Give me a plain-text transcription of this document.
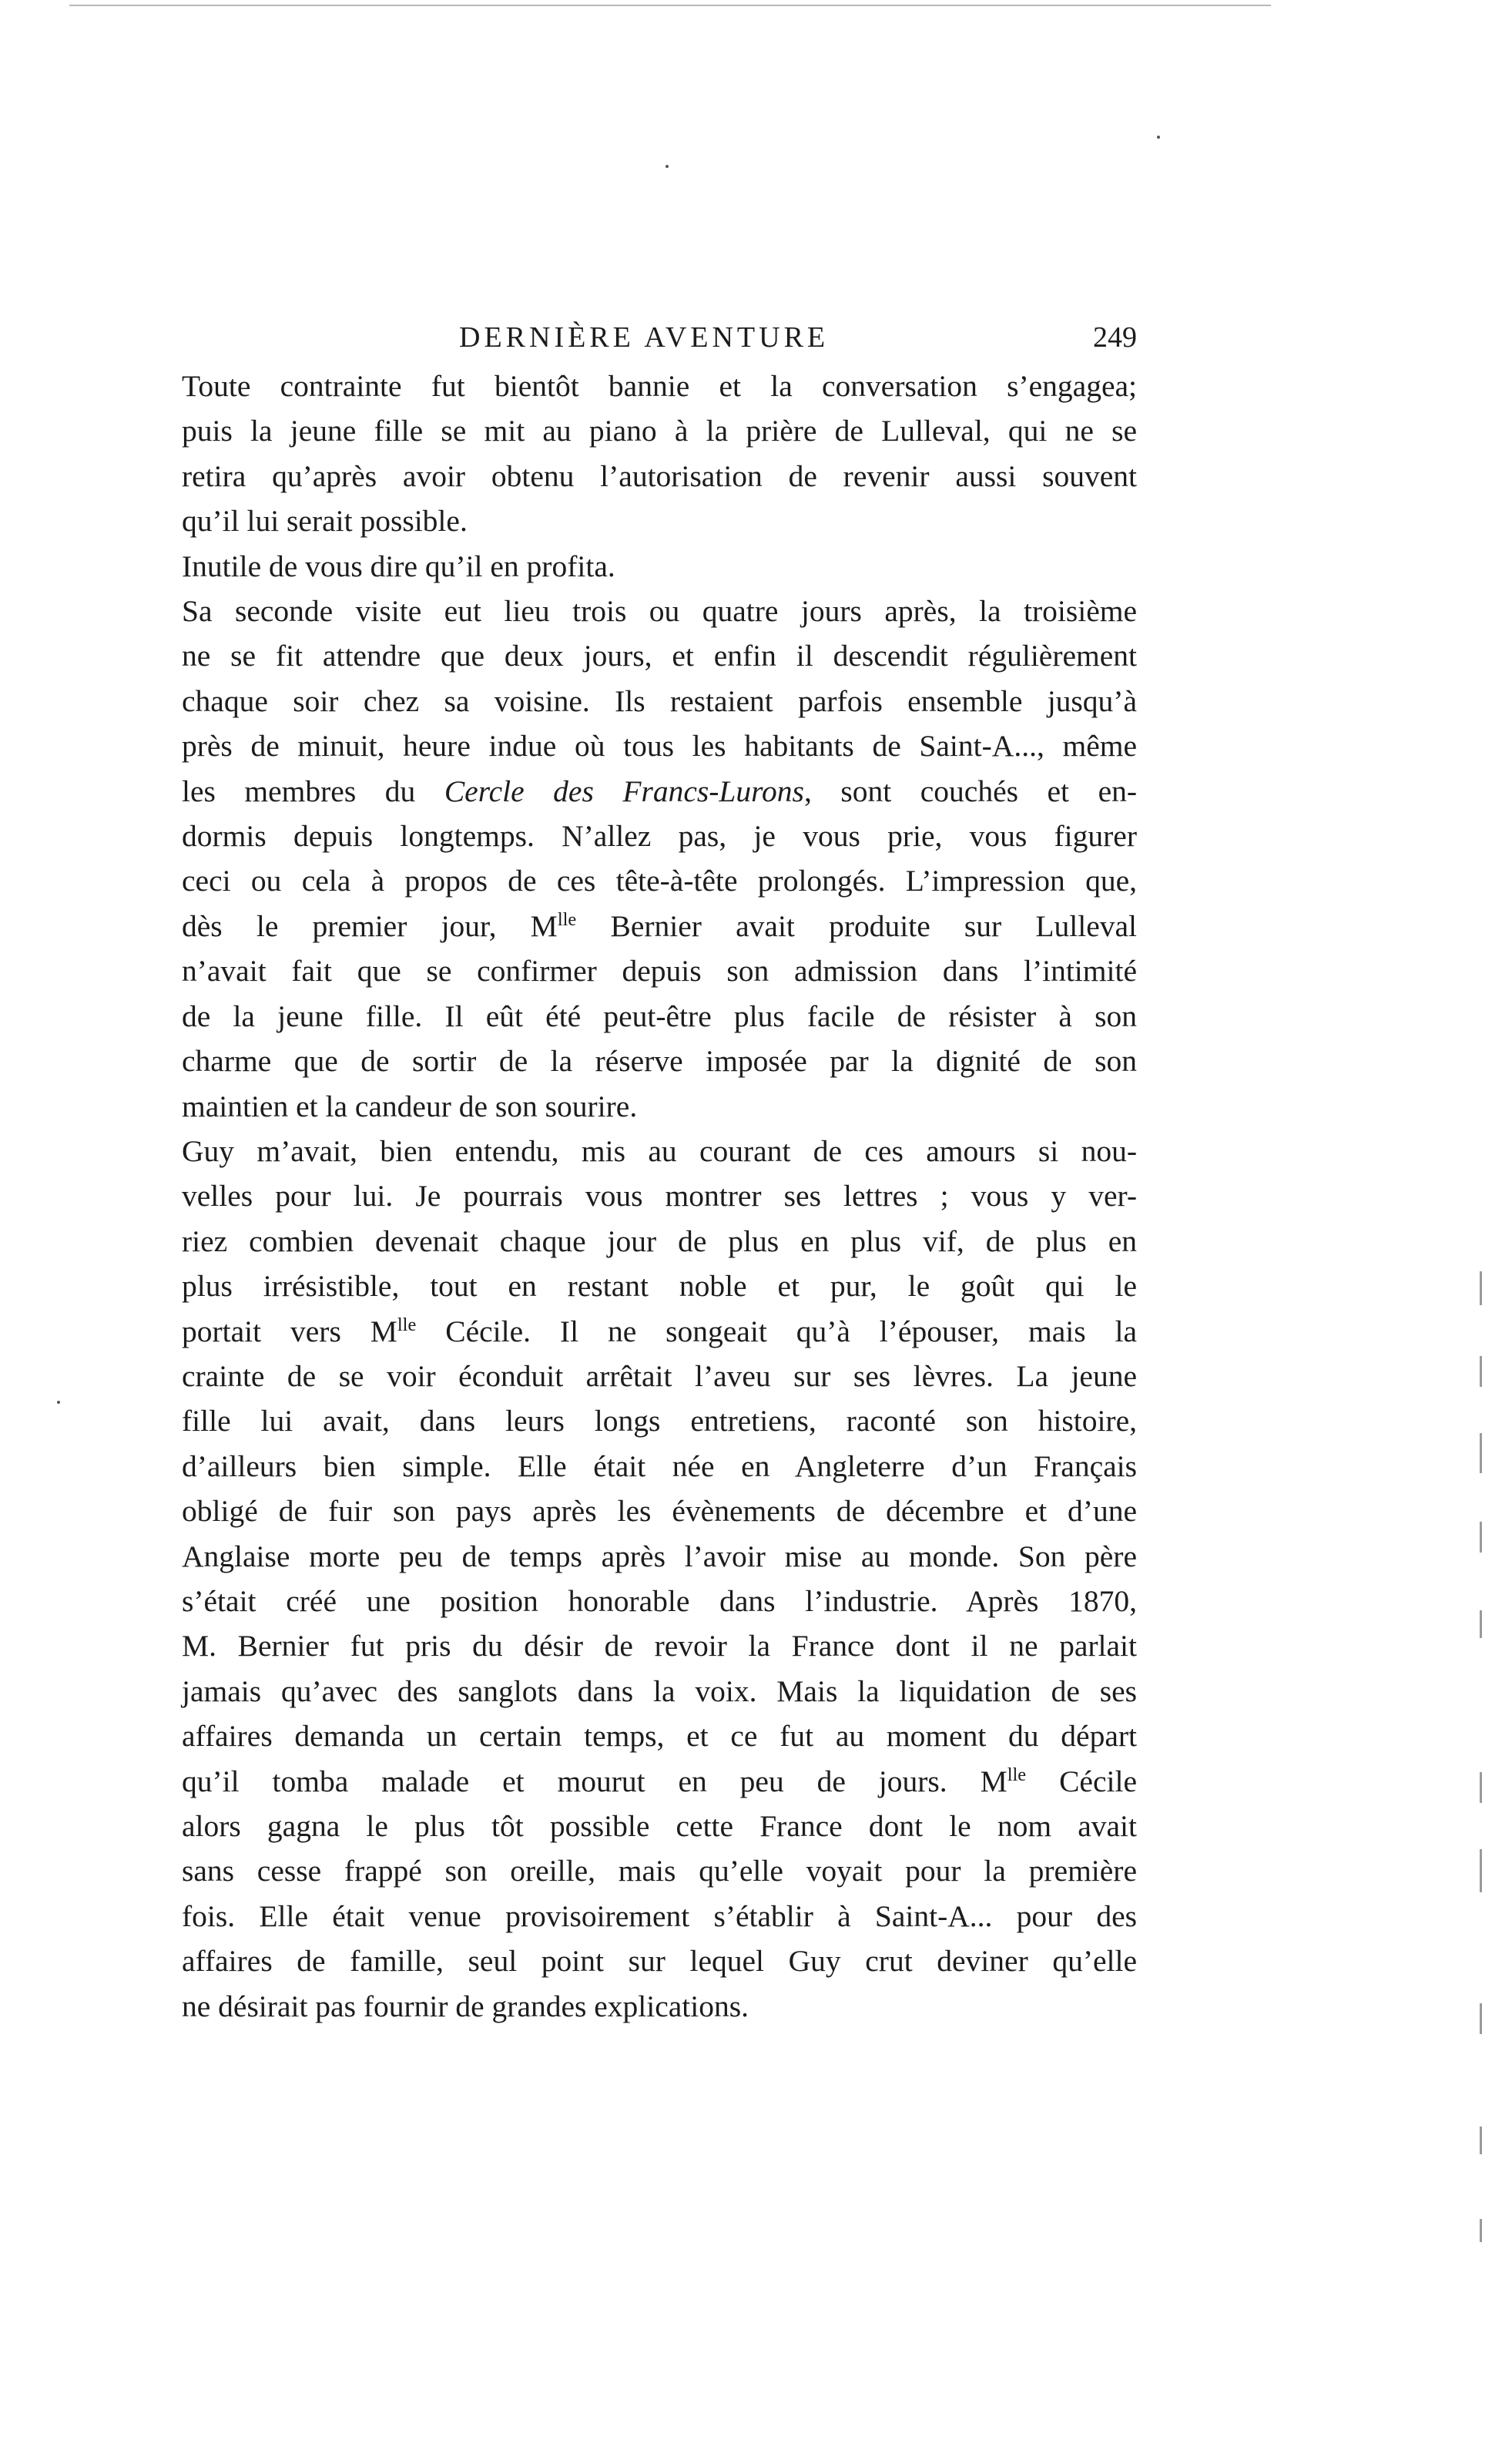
DERNIÈRE AVENTURE	249

Toute contrainte fut bientôt bannie et la conversation s’engagea;
puis la jeune fille se mit au piano à la prière de Lulleval, qui ne se
retira qu’après avoir obtenu l’autorisation de revenir aussi souvent
qu’il lui serait possible.

Inutile de vous dire qu’il en profita.

Sa seconde visite eut lieu trois ou quatre jours après, la troisième
ne se fit attendre que deux jours, et enfin il descendit régulièrement
chaque soir chez sa voisine. Ils restaient parfois ensemble jusqu’à
près de minuit, heure indue où tous les habitants de Saint-A..., même
les membres du Cercle des Francs-Lurons, sont couchés et en-
dormis depuis longtemps. N’allez pas, je vous prie, vous figurer
ceci ou cela à propos de ces tête-à-tête prolongés. L’impression que,
dès le premier jour, $M^{lle}$ Bernier avait produite sur Lulleval
n’avait fait que se confirmer depuis son admission dans l’intimité
de la jeune fille. Il eût été peut-être plus facile de résister à son
charme que de sortir de la réserve imposée par la dignité de son
maintien et la candeur de son sourire.

Guy m’avait, bien entendu, mis au courant de ces amours si nou-
velles pour lui. Je pourrais vous montrer ses lettres ; vous y ver-
riez combien devenait chaque jour de plus en plus vif, de plus en
plus irrésistible, tout en restant noble et pur, le goût qui le
portait vers $M^{lle}$ Cécile. Il ne songeait qu’à l’épouser, mais la
crainte de se voir éconduit arrêtait l’aveu sur ses lèvres. La jeune
fille lui avait, dans leurs longs entretiens, raconté son histoire,
d’ailleurs bien simple. Elle était née en Angleterre d’un Français
obligé de fuir son pays après les évènements de décembre et d’une
Anglaise morte peu de temps après l’avoir mise au monde. Son père
s’était créé une position honorable dans l’industrie. Après 1870,
M. Bernier fut pris du désir de revoir la France dont il ne parlait
jamais qu’avec des sanglots dans la voix. Mais la liquidation de ses
affaires demanda un certain temps, et ce fut au moment du départ
qu’il tomba malade et mourut en peu de jours. $M^{lle}$ Cécile
alors gagna le plus tôt possible cette France dont le nom avait
sans cesse frappé son oreille, mais qu’elle voyait pour la première
fois. Elle était venue provisoirement s’établir à Saint-A... pour des
affaires de famille, seul point sur lequel Guy crut deviner qu’elle
ne désirait pas fournir de grandes explications.
